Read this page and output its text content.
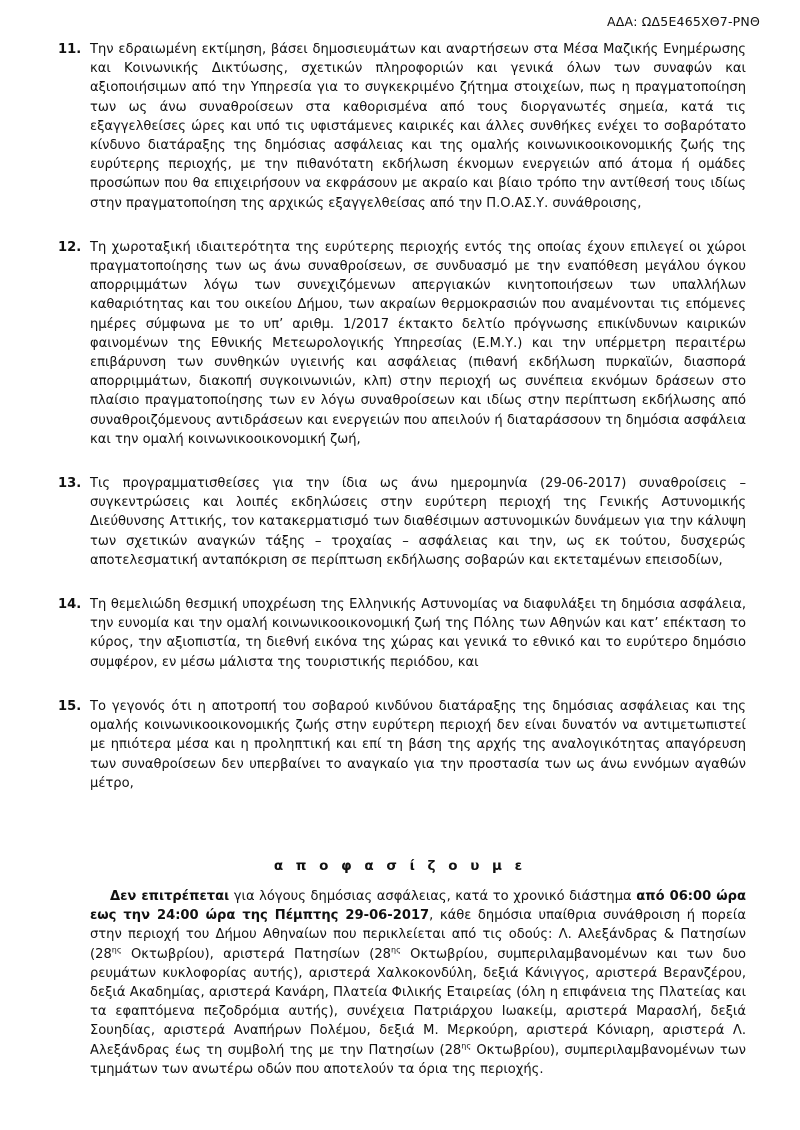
ΑΔΑ: ΩΔ5Ε465ΧΘ7-ΡΝΘ
11. Την εδραιωμένη εκτίμηση, βάσει δημοσιευμάτων και αναρτήσεων στα Μέσα Μαζικής Ενημέρωσης και Κοινωνικής Δικτύωσης, σχετικών πληροφοριών και γενικά όλων των συναφών και αξιοποιήσιμων από την Υπηρεσία για το συγκεκριμένο ζήτημα στοιχείων, πως η πραγματοποίηση των ως άνω συναθροίσεων στα καθορισμένα από τους διοργανωτές σημεία, κατά τις εξαγγελθείσες ώρες και υπό τις υφιστάμενες καιρικές και άλλες συνθήκες ενέχει το σοβαρότατο κίνδυνο διατάραξης της δημόσιας ασφάλειας και της ομαλής κοινωνικοοικονομικής ζωής της ευρύτερης περιοχής, με την πιθανότατη εκδήλωση έκνομων ενεργειών από άτομα ή ομάδες προσώπων που θα επιχειρήσουν να εκφράσουν με ακραίο και βίαιο τρόπο την αντίθεσή τους ιδίως στην πραγματοποίηση της αρχικώς εξαγγελθείσας από την Π.Ο.ΑΣ.Υ. συνάθροισης,
12. Τη χωροταξική ιδιαιτερότητα της ευρύτερης περιοχής εντός της οποίας έχουν επιλεγεί οι χώροι πραγματοποίησης των ως άνω συναθροίσεων, σε συνδυασμό με την εναπόθεση μεγάλου όγκου απορριμμάτων λόγω των συνεχιζόμενων απεργιακών κινητοποιήσεων των υπαλλήλων καθαριότητας και του οικείου Δήμου, των ακραίων θερμοκρασιών που αναμένονται τις επόμενες ημέρες σύμφωνα με το υπ’ αριθμ. 1/2017 έκτακτο δελτίο πρόγνωσης επικίνδυνων καιρικών φαινομένων της Εθνικής Μετεωρολογικής Υπηρεσίας (Ε.Μ.Υ.) και την υπέρμετρη περαιτέρω επιβάρυνση των συνθηκών υγιεινής και ασφάλειας (πιθανή εκδήλωση πυρκαϊών, διασπορά απορριμμάτων, διακοπή συγκοινωνιών, κλπ) στην περιοχή ως συνέπεια εκνόμων δράσεων στο πλαίσιο πραγματοποίησης των εν λόγω συναθροίσεων και ιδίως στην περίπτωση εκδήλωσης από συναθροιζόμενους αντιδράσεων και ενεργειών που απειλούν ή διαταράσσουν τη δημόσια ασφάλεια και την ομαλή κοινωνικοοικονομική ζωή,
13. Τις προγραμματισθείσες για την ίδια ως άνω ημερομηνία (29-06-2017) συναθροίσεις – συγκεντρώσεις και λοιπές εκδηλώσεις στην ευρύτερη περιοχή της Γενικής Αστυνομικής Διεύθυνσης Αττικής, τον κατακερματισμό των διαθέσιμων αστυνομικών δυνάμεων για την κάλυψη των σχετικών αναγκών τάξης – τροχαίας – ασφάλειας και την, ως εκ τούτου, δυσχερώς αποτελεσματική ανταπόκριση σε περίπτωση εκδήλωσης σοβαρών και εκτεταμένων επεισοδίων,
14. Τη θεμελιώδη θεσμική υποχρέωση της Ελληνικής Αστυνομίας να διαφυλάξει τη δημόσια ασφάλεια, την ευνομία και την ομαλή κοινωνικοοικονομική ζωή της Πόλης των Αθηνών και κατ’ επέκταση το κύρος, την αξιοπιστία, τη διεθνή εικόνα της χώρας και γενικά το εθνικό και το ευρύτερο δημόσιο συμφέρον, εν μέσω μάλιστα της τουριστικής περιόδου, και
15. Το γεγονός ότι η αποτροπή του σοβαρού κινδύνου διατάραξης της δημόσιας ασφάλειας και της ομαλής κοινωνικοοικονομικής ζωής στην ευρύτερη περιοχή δεν είναι δυνατόν να αντιμετωπιστεί με ηπιότερα μέσα και η προληπτική και επί τη βάση της αρχής της αναλογικότητας απαγόρευση των συναθροίσεων δεν υπερβαίνει το αναγκαίο για την προστασία των ως άνω εννόμων αγαθών μέτρο,
α π ο φ α σ ί ζ ο υ μ ε
Δεν επιτρέπεται για λόγους δημόσιας ασφάλειας, κατά το χρονικό διάστημα από 06:00 ώρα εως την 24:00 ώρα της Πέμπτης 29-06-2017, κάθε δημόσια υπαίθρια συνάθροιση ή πορεία στην περιοχή του Δήμου Αθηναίων που περικλείεται από τις οδούς: Λ. Αλεξάνδρας & Πατησίων ($28^{\eta\varsigma}$ Οκτωβρίου), αριστερά Πατησίων ($28^{\eta\varsigma}$ Οκτωβρίου, συμπεριλαμβανομένων και των δυο ρευμάτων κυκλοφορίας αυτής), αριστερά Χαλκοκονδύλη, δεξιά Κάνιγγος, αριστερά Βερανζέρου, δεξιά Ακαδημίας, αριστερά Κανάρη, Πλατεία Φιλικής Εταιρείας (όλη η επιφάνεια της Πλατείας και τα εφαπτόμενα πεζοδρόμια αυτής), συνέχεια Πατριάρχου Ιωακείμ, αριστερά Μαρασλή, δεξιά Σουηδίας, αριστερά Αναπήρων Πολέμου, δεξιά Μ. Μερκούρη, αριστερά Κόνιαρη, αριστερά Λ. Αλεξάνδρας έως τη συμβολή της με την Πατησίων ($28^{\eta\varsigma}$ Οκτωβρίου), συμπεριλαμβανομένων των τμημάτων των ανωτέρω οδών που αποτελούν τα όρια της περιοχής.
